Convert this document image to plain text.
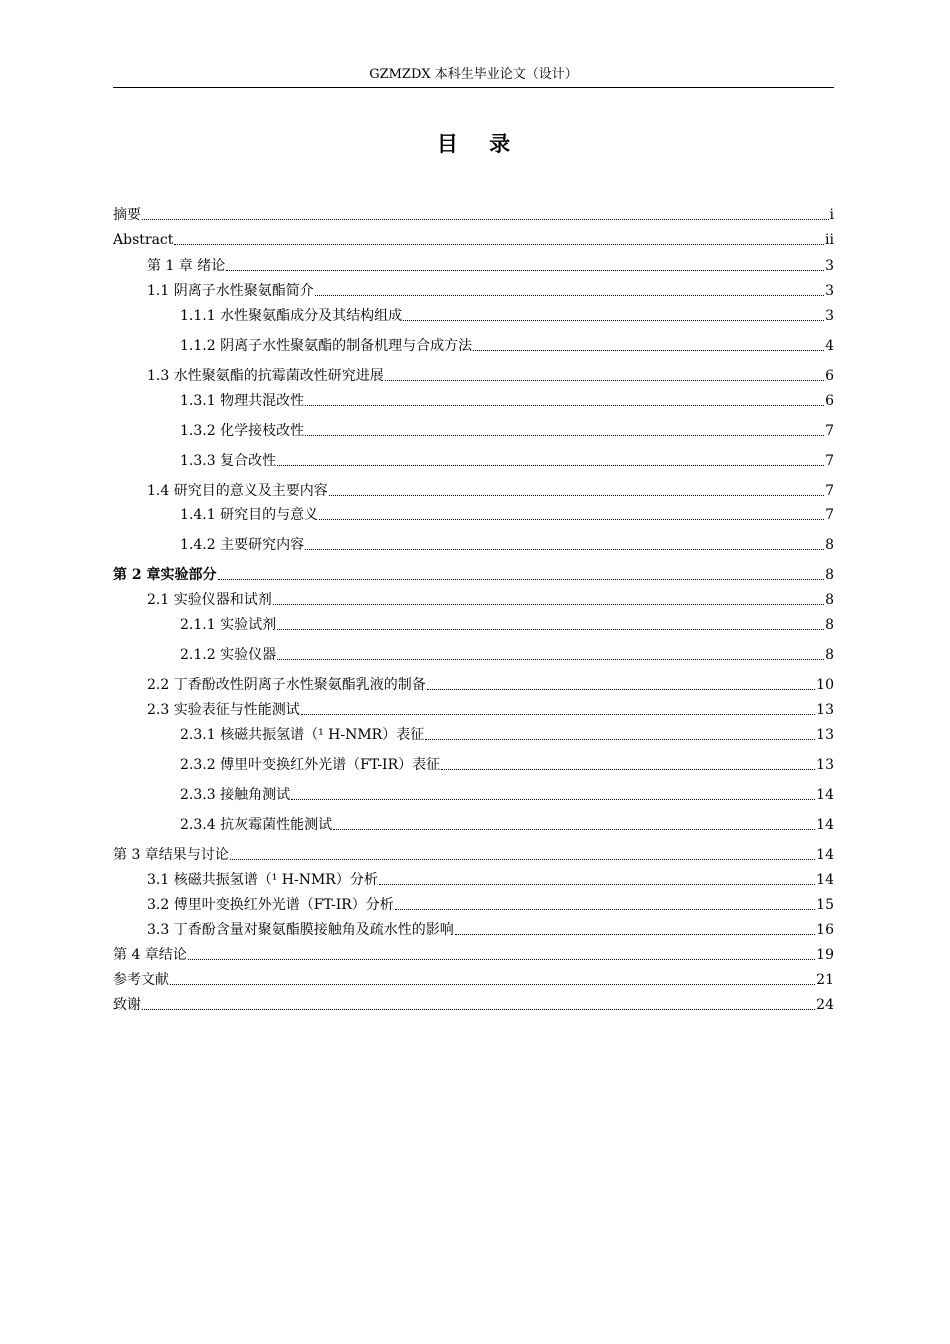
GZMZDX 本科生毕业论文（设计）
目 录
摘要	i
Abstract	ii
第 1 章 绪论	3
1.1 阴离子水性聚氨酯简介	3
1.1.1 水性聚氨酯成分及其结构组成	3
1.1.2 阴离子水性聚氨酯的制备机理与合成方法	4
1.3 水性聚氨酯的抗霉菌改性研究进展	6
1.3.1 物理共混改性	6
1.3.2 化学接枝改性	7
1.3.3 复合改性	7
1.4 研究目的意义及主要内容	7
1.4.1 研究目的与意义	7
1.4.2 主要研究内容	8
第 2 章实验部分	8
2.1 实验仪器和试剂	8
2.1.1 实验试剂	8
2.1.2 实验仪器	8
2.2 丁香酚改性阴离子水性聚氨酯乳液的制备	10
2.3 实验表征与性能测试	13
2.3.1 核磁共振氢谱（¹ H-NMR）表征	13
2.3.2 傅里叶变换红外光谱（FT-IR）表征	13
2.3.3 接触角测试	14
2.3.4 抗灰霉菌性能测试	14
第 3 章结果与讨论	14
3.1 核磁共振氢谱（¹ H-NMR）分析	14
3.2 傅里叶变换红外光谱（FT-IR）分析	15
3.3 丁香酚含量对聚氨酯膜接触角及疏水性的影响	16
第 4 章结论	19
参考文献	21
致谢	24
